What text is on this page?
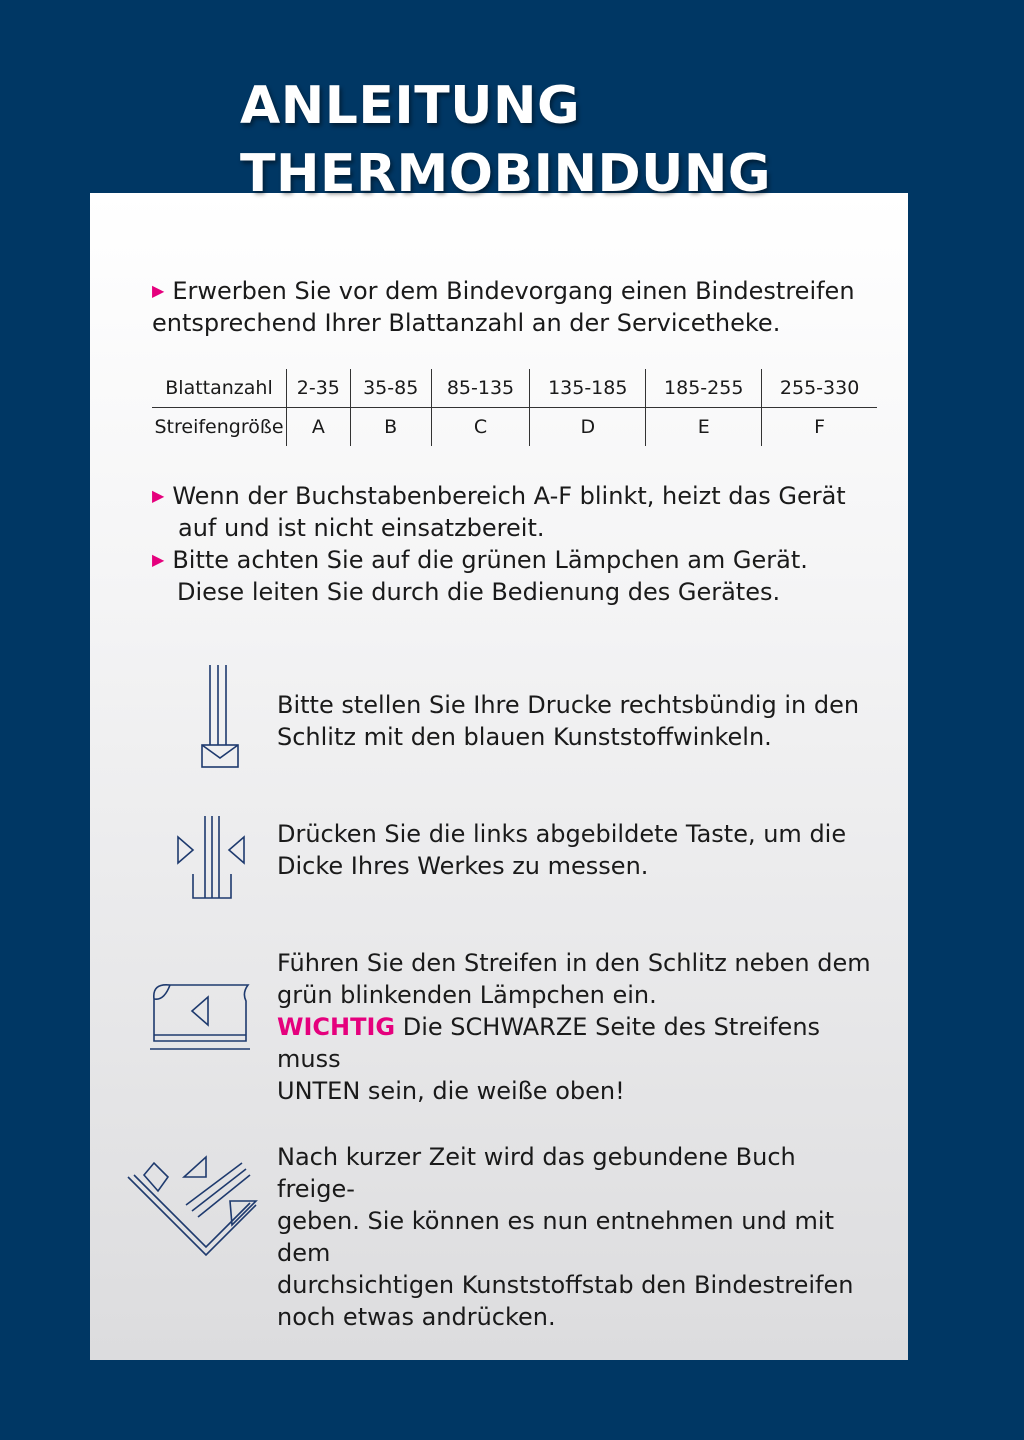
ANLEITUNG
THERMOBINDUNG
▶ Erwerben Sie vor dem Bindevorgang einen Bindestreifen
entsprechend Ihrer Blattanzahl an der Servicetheke.
Blattanzahl	2-35	35-85	85-135	135-185	185-255	255-330
Streifengröße	A	B	C	D	E	F
▶ Wenn der Buchstabenbereich A-F blinkt, heizt das Gerät
auf und ist nicht einsatzbereit.
▶ Bitte achten Sie auf die grünen Lämpchen am Gerät.
Diese leiten Sie durch die Bedienung des Gerätes.
Bitte stellen Sie Ihre Drucke rechtsbündig in den
Schlitz mit den blauen Kunststoffwinkeln.
Drücken Sie die links abgebildete Taste, um die
Dicke Ihres Werkes zu messen.
Führen Sie den Streifen in den Schlitz neben dem
grün blinkenden Lämpchen ein.
WICHTIG Die SCHWARZE Seite des Streifens muss
UNTEN sein, die weiße oben!
Nach kurzer Zeit wird das gebundene Buch freige-
geben. Sie können es nun entnehmen und mit dem
durchsichtigen Kunststoffstab den Bindestreifen
noch etwas andrücken.
